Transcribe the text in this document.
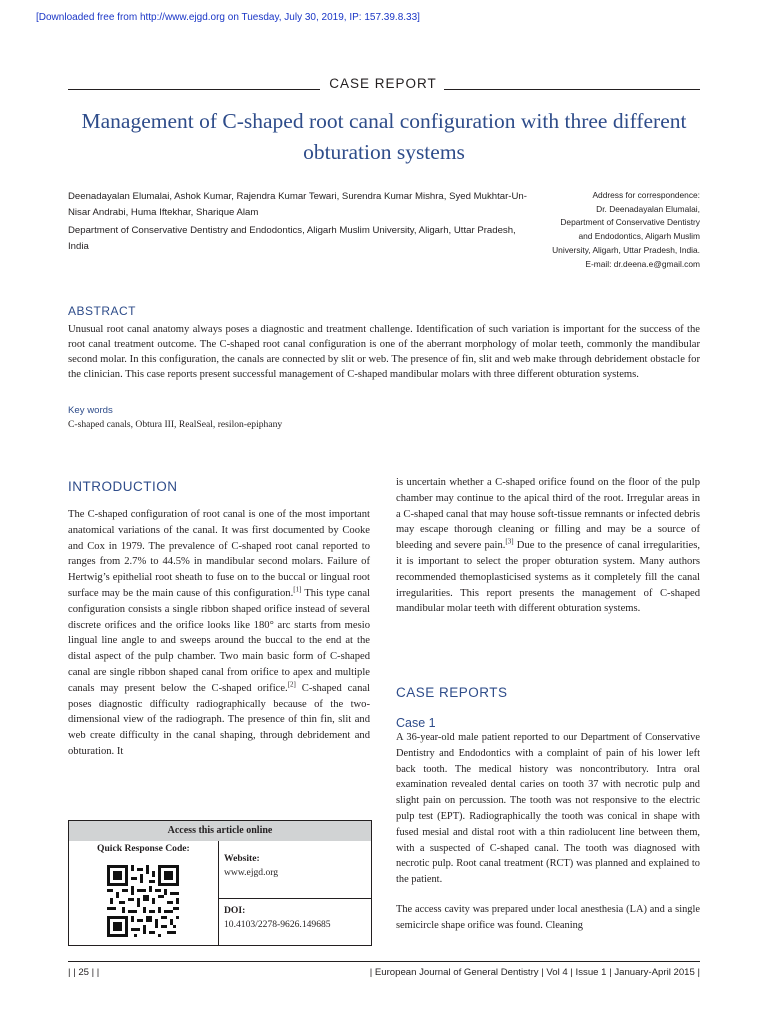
[Downloaded free from http://www.ejgd.org on Tuesday, July 30, 2019, IP: 157.39.8.33]
CASE REPORT
Management of C-shaped root canal configuration with three different obturation systems
Deenadayalan Elumalai, Ashok Kumar, Rajendra Kumar Tewari, Surendra Kumar Mishra, Syed Mukhtar-Un-Nisar Andrabi, Huma Iftekhar, Sharique Alam
Department of Conservative Dentistry and Endodontics, Aligarh Muslim University, Aligarh, Uttar Pradesh, India
Address for correspondence:
Dr. Deenadayalan Elumalai,
Department of Conservative Dentistry
and Endodontics, Aligarh Muslim
University, Aligarh, Uttar Pradesh, India.
E-mail: dr.deena.e@gmail.com
ABSTRACT
Unusual root canal anatomy always poses a diagnostic and treatment challenge. Identification of such variation is important for the success of the root canal treatment outcome. The C-shaped root canal configuration is one of the aberrant morphology of molar teeth, commonly the mandibular second molar. In this configuration, the canals are connected by slit or web. The presence of fin, slit and web make through debridement obstacle for the clinician. This case reports present successful management of C-shaped mandibular molars with three different obturation systems.
Key words
C-shaped canals, Obtura III, RealSeal, resilon-epiphany
INTRODUCTION

The C-shaped configuration of root canal is one of the most important anatomical variations of the canal. It was first documented by Cooke and Cox in 1979. The prevalence of C-shaped root canal reported to ranges from 2.7% to 44.5% in mandibular second molars. Failure of Hertwig’s epithelial root sheath to fuse on to the buccal or lingual root surface may be the main cause of this configuration.[1] This type canal configuration consists a single ribbon shaped orifice instead of several discrete orifices and the orifice looks like 180° arc starts from mesio lingual line angle to and sweeps around the buccal to the end at the distal aspect of the pulp chamber. Two main basic form of C-shaped canal are single ribbon shaped canal from orifice to apex and multiple canals may present below the C-shaped orifice.[2] C-shaped canal poses diagnostic difficulty radiographically because of the two-dimensional view of the radiograph. The presence of thin fin, slit and web create difficulty in the canal shaping, through debridement and obturation. It

is uncertain whether a C-shaped orifice found on the floor of the pulp chamber may continue to the apical third of the root. Irregular areas in a C-shaped canal that may house soft-tissue remnants or infected debris may escape thorough cleaning or filling and may be a source of bleeding and severe pain.[3] Due to the presence of canal irregularities, it is important to select the proper obturation system. Many authors recommended themoplasticised systems as it completely fill the canal irregularities. This report presents the management of C-shaped mandibular molar teeth with different obturation systems.

CASE REPORTS
Case 1

A 36-year-old male patient reported to our Department of Conservative Dentistry and Endodontics with a complaint of pain of his lower left back tooth. The medical history was noncontributory. Intra oral examination revealed dental caries on tooth 37 with necrotic pulp and slight pain on percussion. The tooth was not responsive to the electric pulp test (EPT). Radiographically the tooth was conical in shape with fused mesial and distal root with a thin radiolucent line between them, with a suspected of C-shaped canal. The tooth was diagnosed with necrotic pulp. Root canal treatment (RCT) was planned and explained to the patient.

The access cavity was prepared under local anesthesia (LA) and a single semicircle shape orifice was found. Cleaning

Access this article online
Quick Response Code:
Website:
www.ejgd.org
DOI:
10.4103/2278-9626.149685
| | 25 | |	| European Journal of General Dentistry | Vol 4 | Issue 1 | January-April 2015 |
